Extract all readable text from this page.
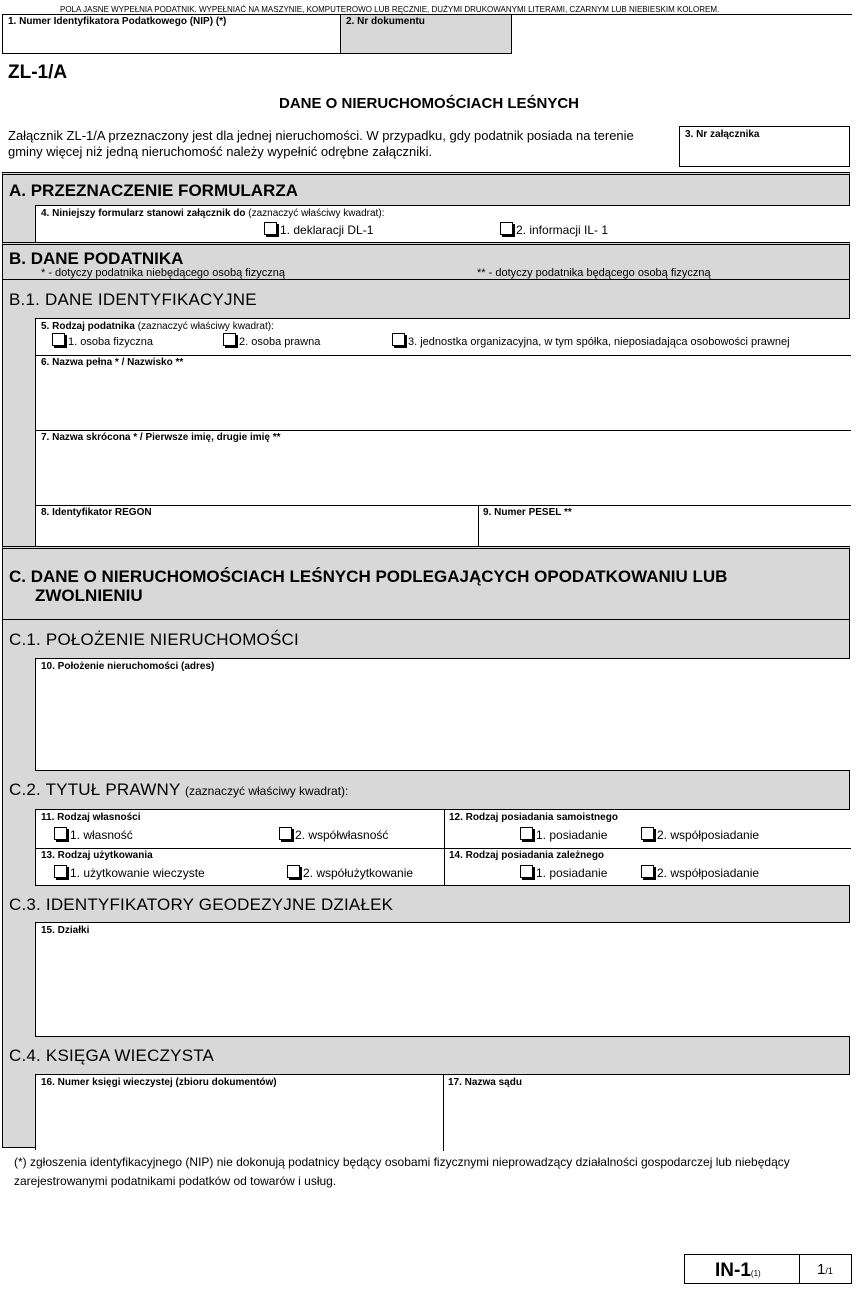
POLA JASNE WYPEŁNIA PODATNIK. WYPEŁNIAĆ NA MASZYNIE, KOMPUTEROWO LUB RĘCZNIE, DUŻYMI DRUKOWANYMI LITERAMI, CZARNYM LUB NIEBIESKIM KOLOREM.
1. Numer Identyfikatora Podatkowego (NIP) (*)	2. Nr dokumentu
ZL-1/A
DANE O NIERUCHOMOŚCIACH LEŚNYCH
Załącznik ZL-1/A przeznaczony jest dla jednej nieruchomości. W przypadku, gdy podatnik posiada na terenie gminy więcej niż jedną nieruchomość należy wypełnić odrębne załączniki.
3. Nr załącznika
A. PRZEZNACZENIE FORMULARZA
4. Niniejszy formularz stanowi załącznik do (zaznaczyć właściwy kwadrat):
1. deklaracji DL-1	2. informacji IL- 1
B. DANE PODATNIKA
* - dotyczy podatnika niebędącego osobą fizyczną	** - dotyczy podatnika będącego osobą fizyczną
B.1. DANE IDENTYFIKACYJNE
5. Rodzaj podatnika (zaznaczyć właściwy kwadrat):
1. osoba fizyczna	2. osoba prawna	3. jednostka organizacyjna, w tym spółka, nieposiadająca osobowości prawnej
6. Nazwa pełna * / Nazwisko **
7. Nazwa skrócona * / Pierwsze imię, drugie imię **
8. Identyfikator REGON	9. Numer PESEL **
C. DANE O NIERUCHOMOŚCIACH LEŚNYCH PODLEGAJĄCYCH OPODATKOWANIU LUB
ZWOLNIENIU
C.1. POŁOŻENIE NIERUCHOMOŚCI
10. Położenie nieruchomości (adres)
C.2. TYTUŁ PRAWNY (zaznaczyć właściwy kwadrat):
11. Rodzaj własności
1. własność	2. współwłasność
12. Rodzaj posiadania samoistnego
1. posiadanie	2. współposiadanie
13. Rodzaj użytkowania
1. użytkowanie wieczyste	2. współużytkowanie
14. Rodzaj posiadania zależnego
1. posiadanie	2. współposiadanie
C.3. IDENTYFIKATORY GEODEZYJNE DZIAŁEK
15. Działki
C.4. KSIĘGA WIECZYSTA
16. Numer księgi wieczystej (zbioru dokumentów)	17. Nazwa sądu
(*) zgłoszenia identyfikacyjnego (NIP) nie dokonują podatnicy będący osobami fizycznymi nieprowadzący działalności gospodarczej lub niebędący
zarejestrowanymi podatnikami podatków od towarów i usług.
IN-1(1)	1/1
